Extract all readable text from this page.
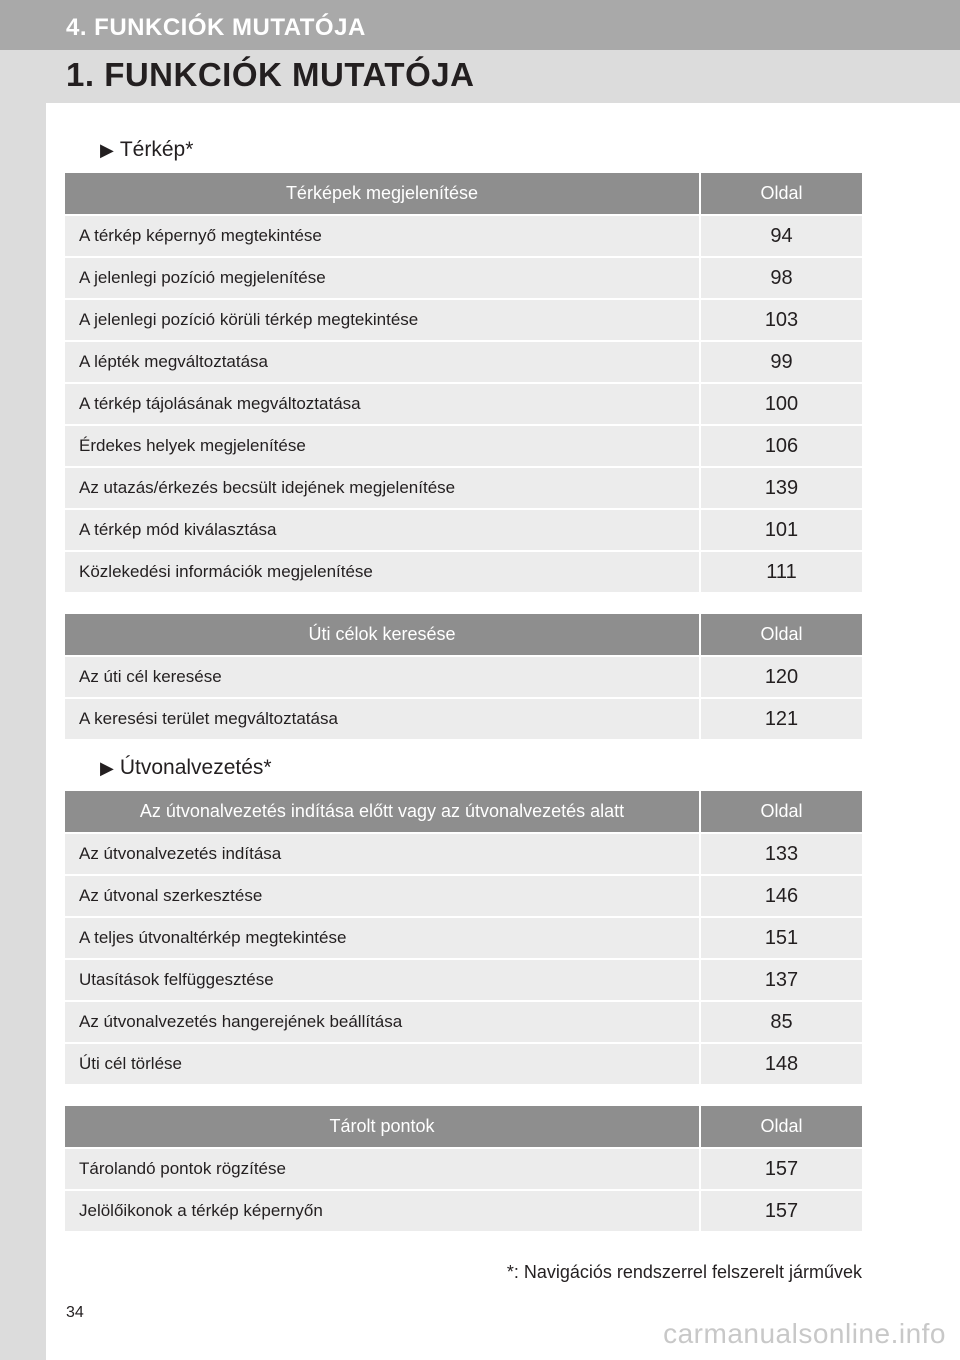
4. FUNKCIÓK MUTATÓJA
1. FUNKCIÓK MUTATÓJA
▶ Térkép*
Térképek megjelenítése	Oldal
A térkép képernyő megtekintése	94
A jelenlegi pozíció megjelenítése	98
A jelenlegi pozíció körüli térkép megtekintése	103
A lépték megváltoztatása	99
A térkép tájolásának megváltoztatása	100
Érdekes helyek megjelenítése	106
Az utazás/érkezés becsült idejének megjelenítése	139
A térkép mód kiválasztása	101
Közlekedési információk megjelenítése	111
Úti célok keresése	Oldal
Az úti cél keresése	120
A keresési terület megváltoztatása	121
▶ Útvonalvezetés*
Az útvonalvezetés indítása előtt vagy az útvonalvezetés alatt	Oldal
Az útvonalvezetés indítása	133
Az útvonal szerkesztése	146
A teljes útvonaltérkép megtekintése	151
Utasítások felfüggesztése	137
Az útvonalvezetés hangerejének beállítása	85
Úti cél törlése	148
Tárolt pontok	Oldal
Tárolandó pontok rögzítése	157
Jelölőikonok a térkép képernyőn	157
*: Navigációs rendszerrel felszerelt járművek
34
carmanualsonline.info
